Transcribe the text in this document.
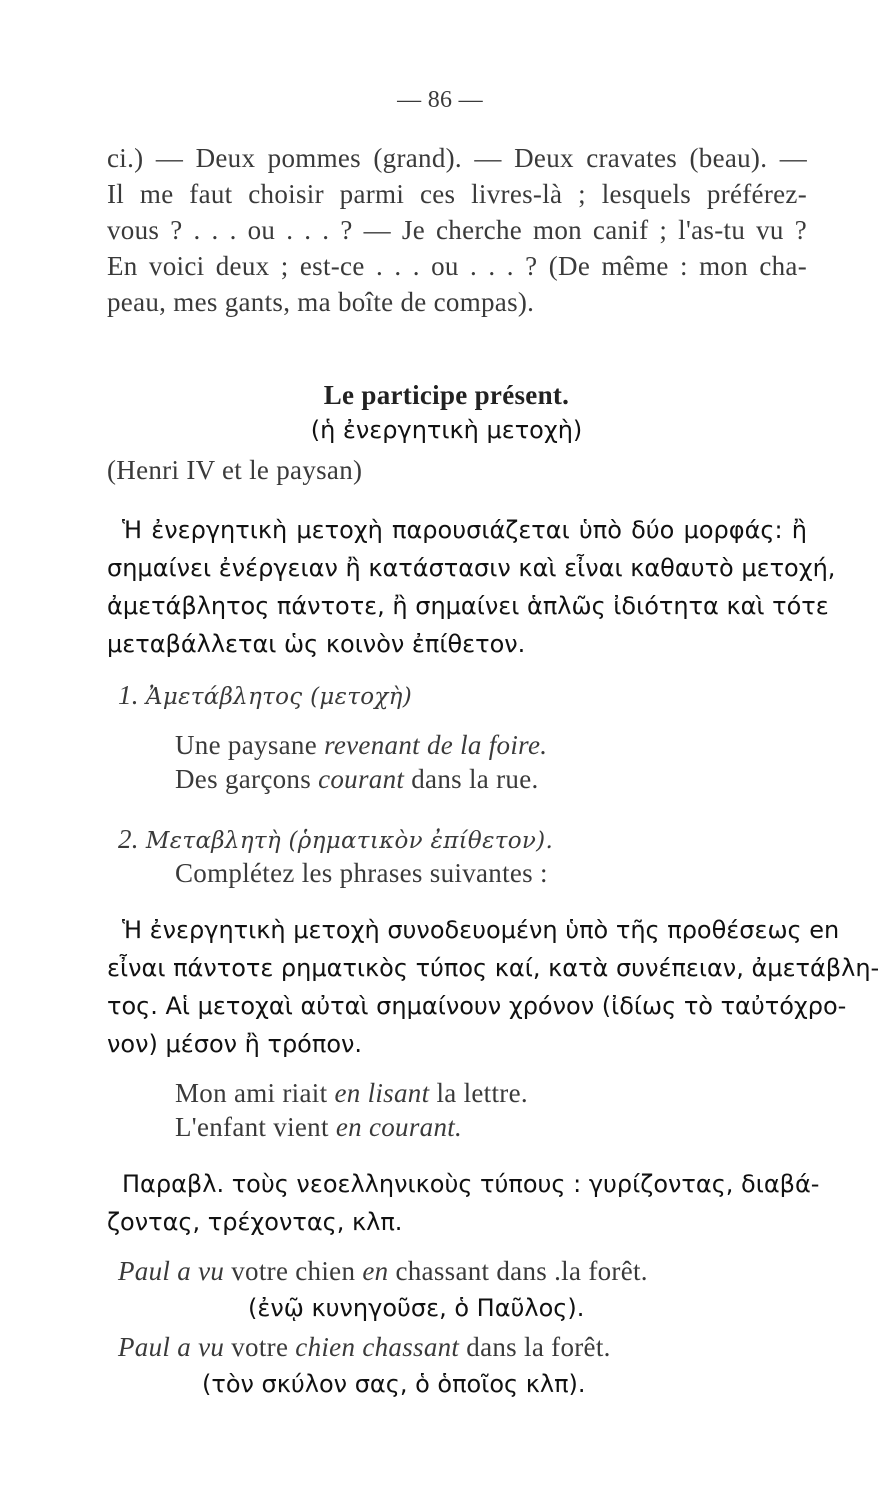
— 86 —
ci.) — Deux pommes (grand). — Deux cravates (beau). —
Il me faut choisir parmi ces livres-là ; lesquels préférez-
vous ? . . . ou . . . ? — Je cherche mon canif ; l'as-tu vu ?
En voici deux ; est-ce . . . ou . . . ? (De même : mon cha-
peau, mes gants, ma boîte de compas).
Le participe présent.
(ἡ ἐνεργητικὴ μετοχὴ)
(Henri IV et le paysan)
Ἡ ἐνεργητικὴ μετοχὴ παρουσιάζεται ὑπὸ δύο μορφάς: ἢ
σημαίνει ἐνέργειαν ἢ κατάστασιν καὶ εἶναι καθαυτὸ μετοχή,
ἀμετάβλητος πάντοτε, ἢ σημαίνει ἁπλῶς ἰδιότητα καὶ τότε
μεταβάλλεται ὡς κοινὸν ἐπίθετον.
1. Ἀμετάβλητος (μετοχὴ)
Une paysane revenant de la foire.
Des garçons courant dans la rue.
2. Μεταβλητὴ (ῥηματικὸν ἐπίθετον).
Complétez les phrases suivantes :
Ἡ ἐνεργητικὴ μετοχὴ συνοδευομένη ὑπὸ τῆς προθέσεως en
εἶναι πάντοτε ρηματικὸς τύπος καί, κατὰ συνέπειαν, ἀμετάβλη-
τος. Αἱ μετοχαὶ αὐταὶ σημαίνουν χρόνον (ἰδίως τὸ ταὐτόχρο-
νον) μέσον ἢ τρόπον.
Mon ami riait en lisant la lettre.
L'enfant vient en courant.
Παραβλ. τοὺς νεοελληνικοὺς τύπους : γυρίζοντας, διαβά-
ζοντας, τρέχοντας, κλπ.
Paul a vu votre chien en chassant dans .la forêt.
(ἐνῷ κυνηγοῦσε, ὁ Παῦλος).
Paul a vu votre chien chassant dans la forêt.
(τὸν σκύλον σας, ὁ ὁποῖος κλπ).
